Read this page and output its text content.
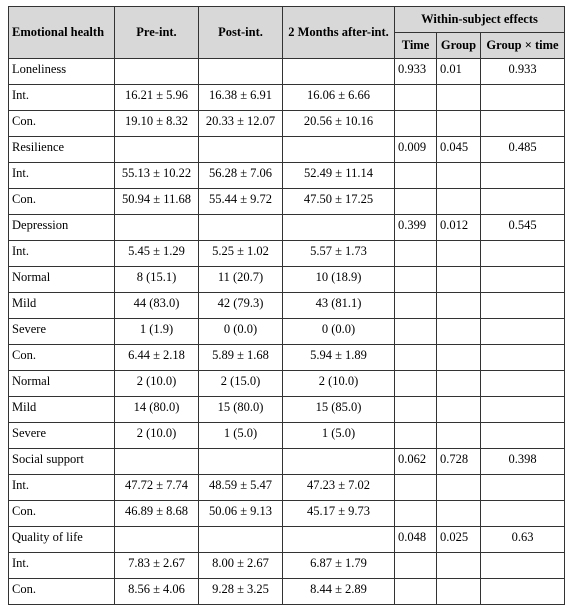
Emotional health	Pre-int.	Post-int.	2 Months after-int.	Within-subject effects		
				Time	Group	Group × time
Loneliness				0.933	0.01	0.933
Int.	16.21 ± 5.96	16.38 ± 6.91	16.06 ± 6.66			
Con.	19.10 ± 8.32	20.33 ± 12.07	20.56 ± 10.16			
Resilience				0.009	0.045	0.485
Int.	55.13 ± 10.22	56.28 ± 7.06	52.49 ± 11.14			
Con.	50.94 ± 11.68	55.44 ± 9.72	47.50 ± 17.25			
Depression				0.399	0.012	0.545
Int.	5.45 ± 1.29	5.25 ± 1.02	5.57 ± 1.73			
Normal	8 (15.1)	11 (20.7)	10 (18.9)			
Mild	44 (83.0)	42 (79.3)	43 (81.1)			
Severe	1 (1.9)	0 (0.0)	0 (0.0)			
Con.	6.44 ± 2.18	5.89 ± 1.68	5.94 ± 1.89			
Normal	2 (10.0)	2 (15.0)	2 (10.0)			
Mild	14 (80.0)	15 (80.0)	15 (85.0)			
Severe	2 (10.0)	1 (5.0)	1 (5.0)			
Social support				0.062	0.728	0.398
Int.	47.72 ± 7.74	48.59 ± 5.47	47.23 ± 7.02			
Con.	46.89 ± 8.68	50.06 ± 9.13	45.17 ± 9.73			
Quality of life				0.048	0.025	0.63
Int.	7.83 ± 2.67	8.00 ± 2.67	6.87 ± 1.79			
Con.	8.56 ± 4.06	9.28 ± 3.25	8.44 ± 2.89			
